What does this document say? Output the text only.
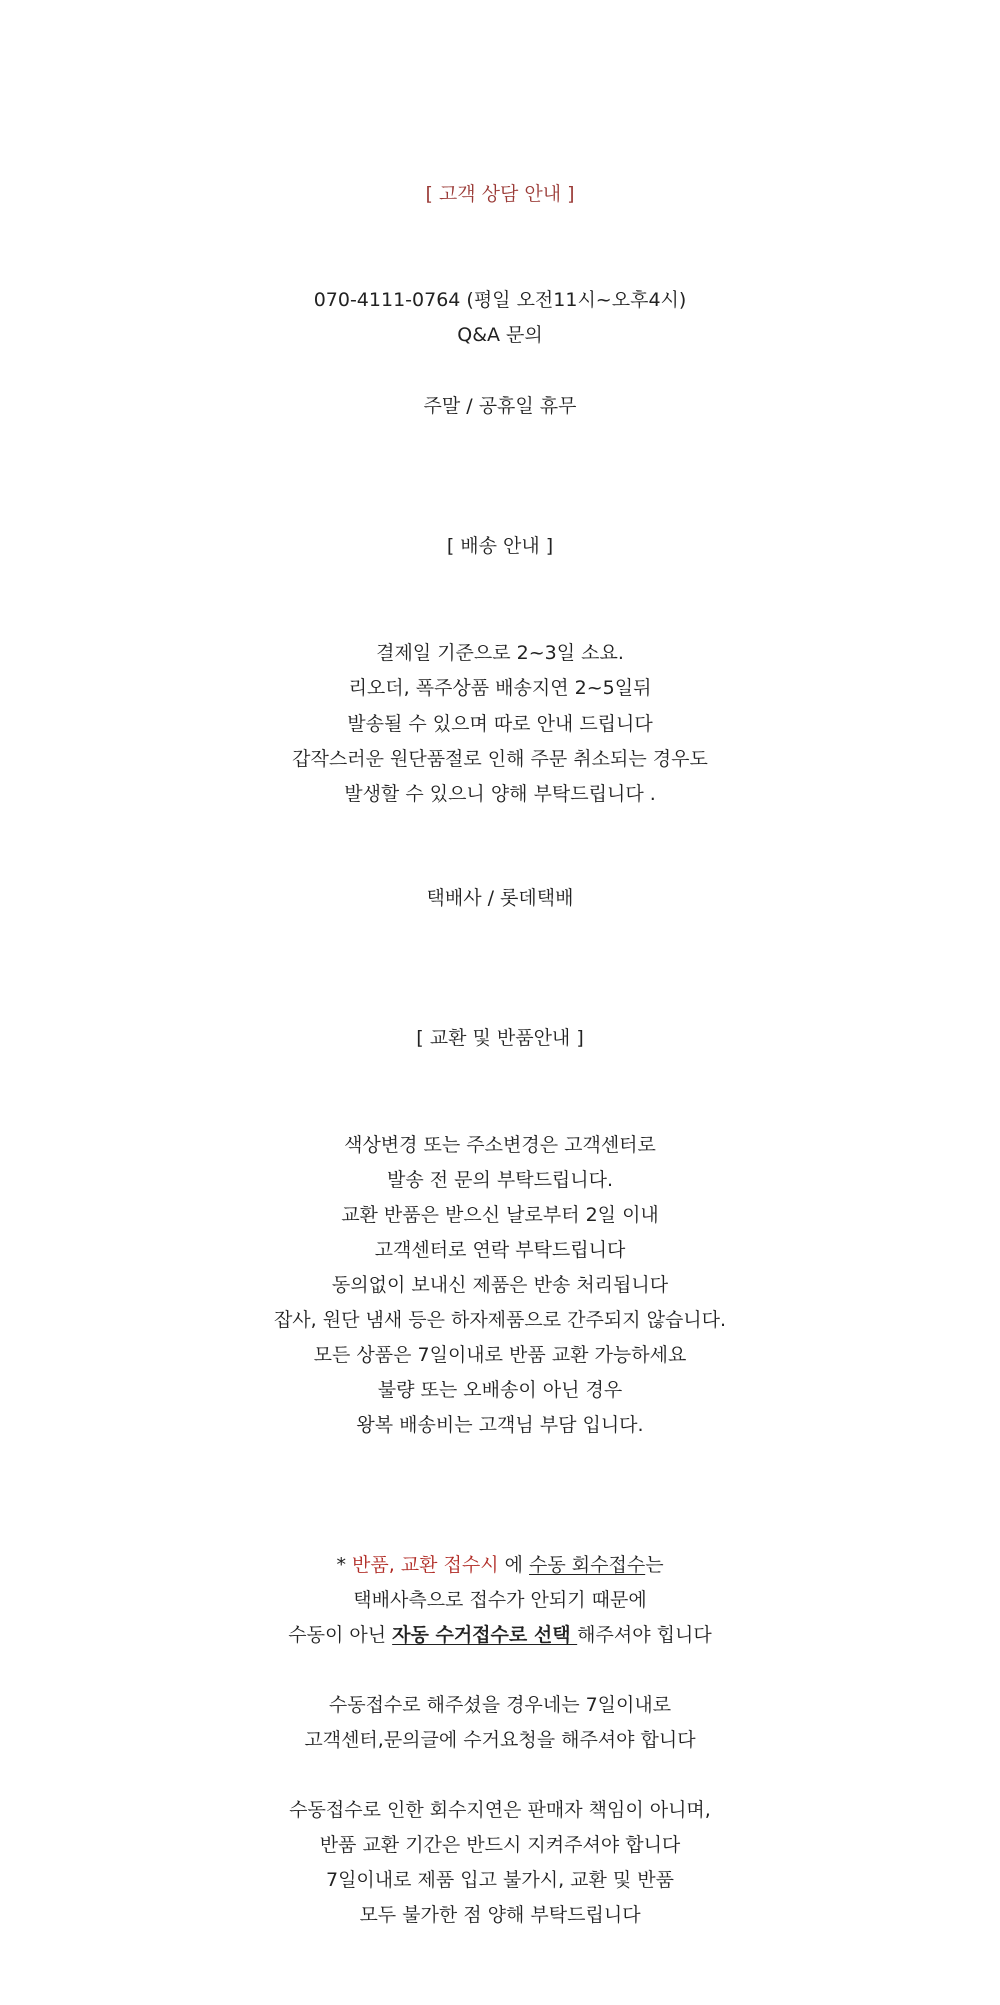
[ 고객 상담 안내 ]
070-4111-0764 (평일 오전11시~오후4시)
Q&A 문의
주말 / 공휴일 휴무
[ 배송 안내 ]
결제일 기준으로 2~3일 소요.
리오더, 폭주상품 배송지연 2~5일뒤
발송될 수 있으며 따로 안내 드립니다
갑작스러운 원단품절로 인해 주문 취소되는 경우도
발생할 수 있으니 양해 부탁드립니다 .
택배사 / 롯데택배
[ 교환 및 반품안내 ]
색상변경 또는 주소변경은 고객센터로
발송 전 문의 부탁드립니다.
교환 반품은 받으신 날로부터 2일 이내
고객센터로 연락 부탁드립니다
동의없이 보내신 제품은 반송 처리됩니다
잡사, 원단 냄새 등은 하자제품으로 간주되지 않습니다.
모든 상품은 7일이내로 반품 교환 가능하세요
불량 또는 오배송이 아닌 경우
왕복 배송비는 고객님 부담 입니다.
* 반품, 교환 접수시 에 수동 회수접수는
택배사측으로 접수가 안되기 때문에
수동이 아닌 자동 수거접수로 선택 해주셔야 힙니다
수동접수로 해주셨을 경우네는 7일이내로
고객센터,문의글에 수거요청을 해주셔야 합니다
수동접수로 인한 회수지연은 판매자 책임이 아니며,
반품 교환 기간은 반드시 지켜주셔야 합니다
7일이내로 제품 입고 불가시, 교환 및 반품
모두 불가한 점 양해 부탁드립니다
